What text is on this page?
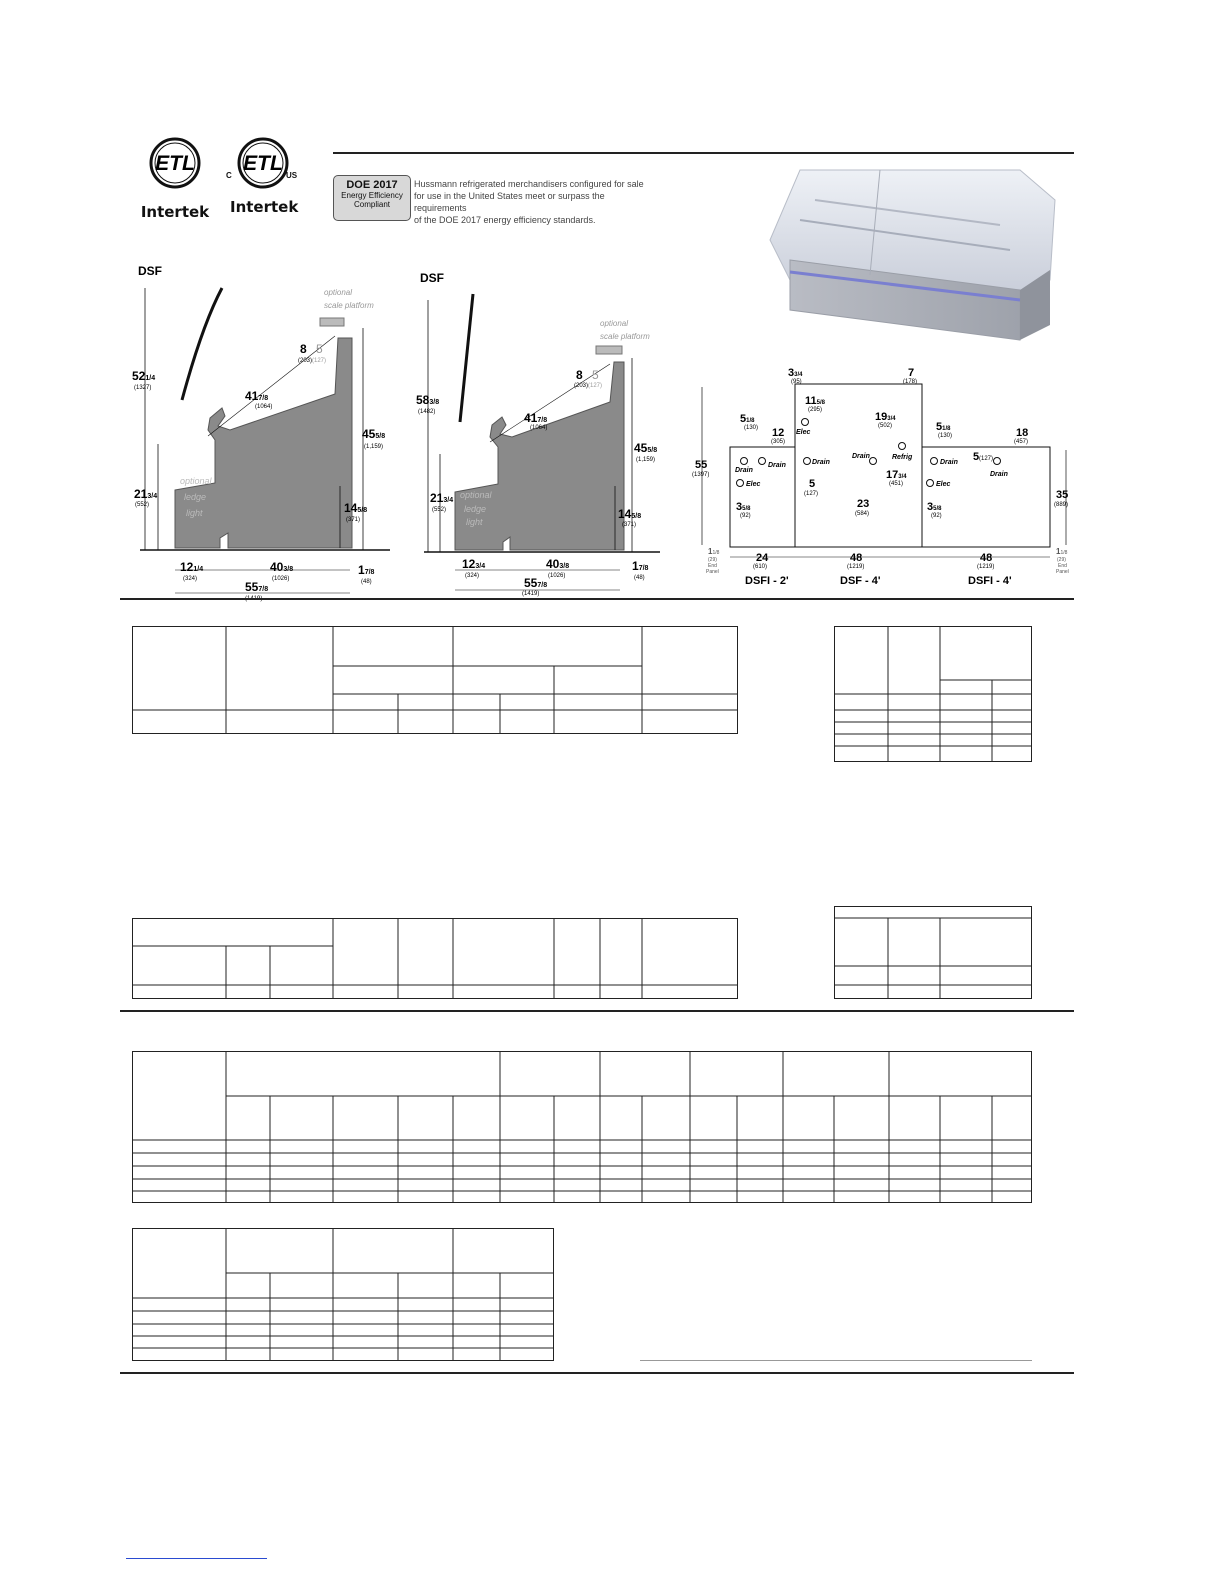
ETL
Intertek
C
ETL
US
Intertek
DOE 2017
Energy Efficiency
Compliant
Hussmann refrigerated merchandisers configured for sale
for use in the United States meet or surpass the requirements
of the DOE 2017 energy efficiency standards.
DSF
optional
scale platform
521/4
(1327)
213/4
(552)
417/8
(1064)
8
(203)
5
(127)
455/8
(1,159)
145/8
(371)
optional
ledge
light
121/4
(324)
403/8
(1026)
557/8
17/8
(48)
DSF
optional
scale platform
583/8
(1482)
213/4
(552)
417/8
(1064)
8
(203)
5
(127)
455/8
(1,159)
145/8
(371)
optional
ledge
light
123/4
(324)
403/8
(1026)
557/8
(1419)
17/8
(48)
Drain
Drain
Elec
Elec
Drain
Drain	Refrig
Drain
Drain
Elec
33/4
(95)
7
(178)
115/8
(295)
193/4
(502)
51/8
(130) 12
(305)
51/8
(130)	18
(457)
55
(1397)
5
(127)
173/4
(451)
5 (127)
35
(889)
23
(584)
35/8
(92)
35/8
(92)
24
(610)
48
(1219)
48
(1219)
DSFI - 2'	DSF - 4'	DSFI - 4'
11/8
(29)
End
Panel
11/8
(29)
End
Panel
